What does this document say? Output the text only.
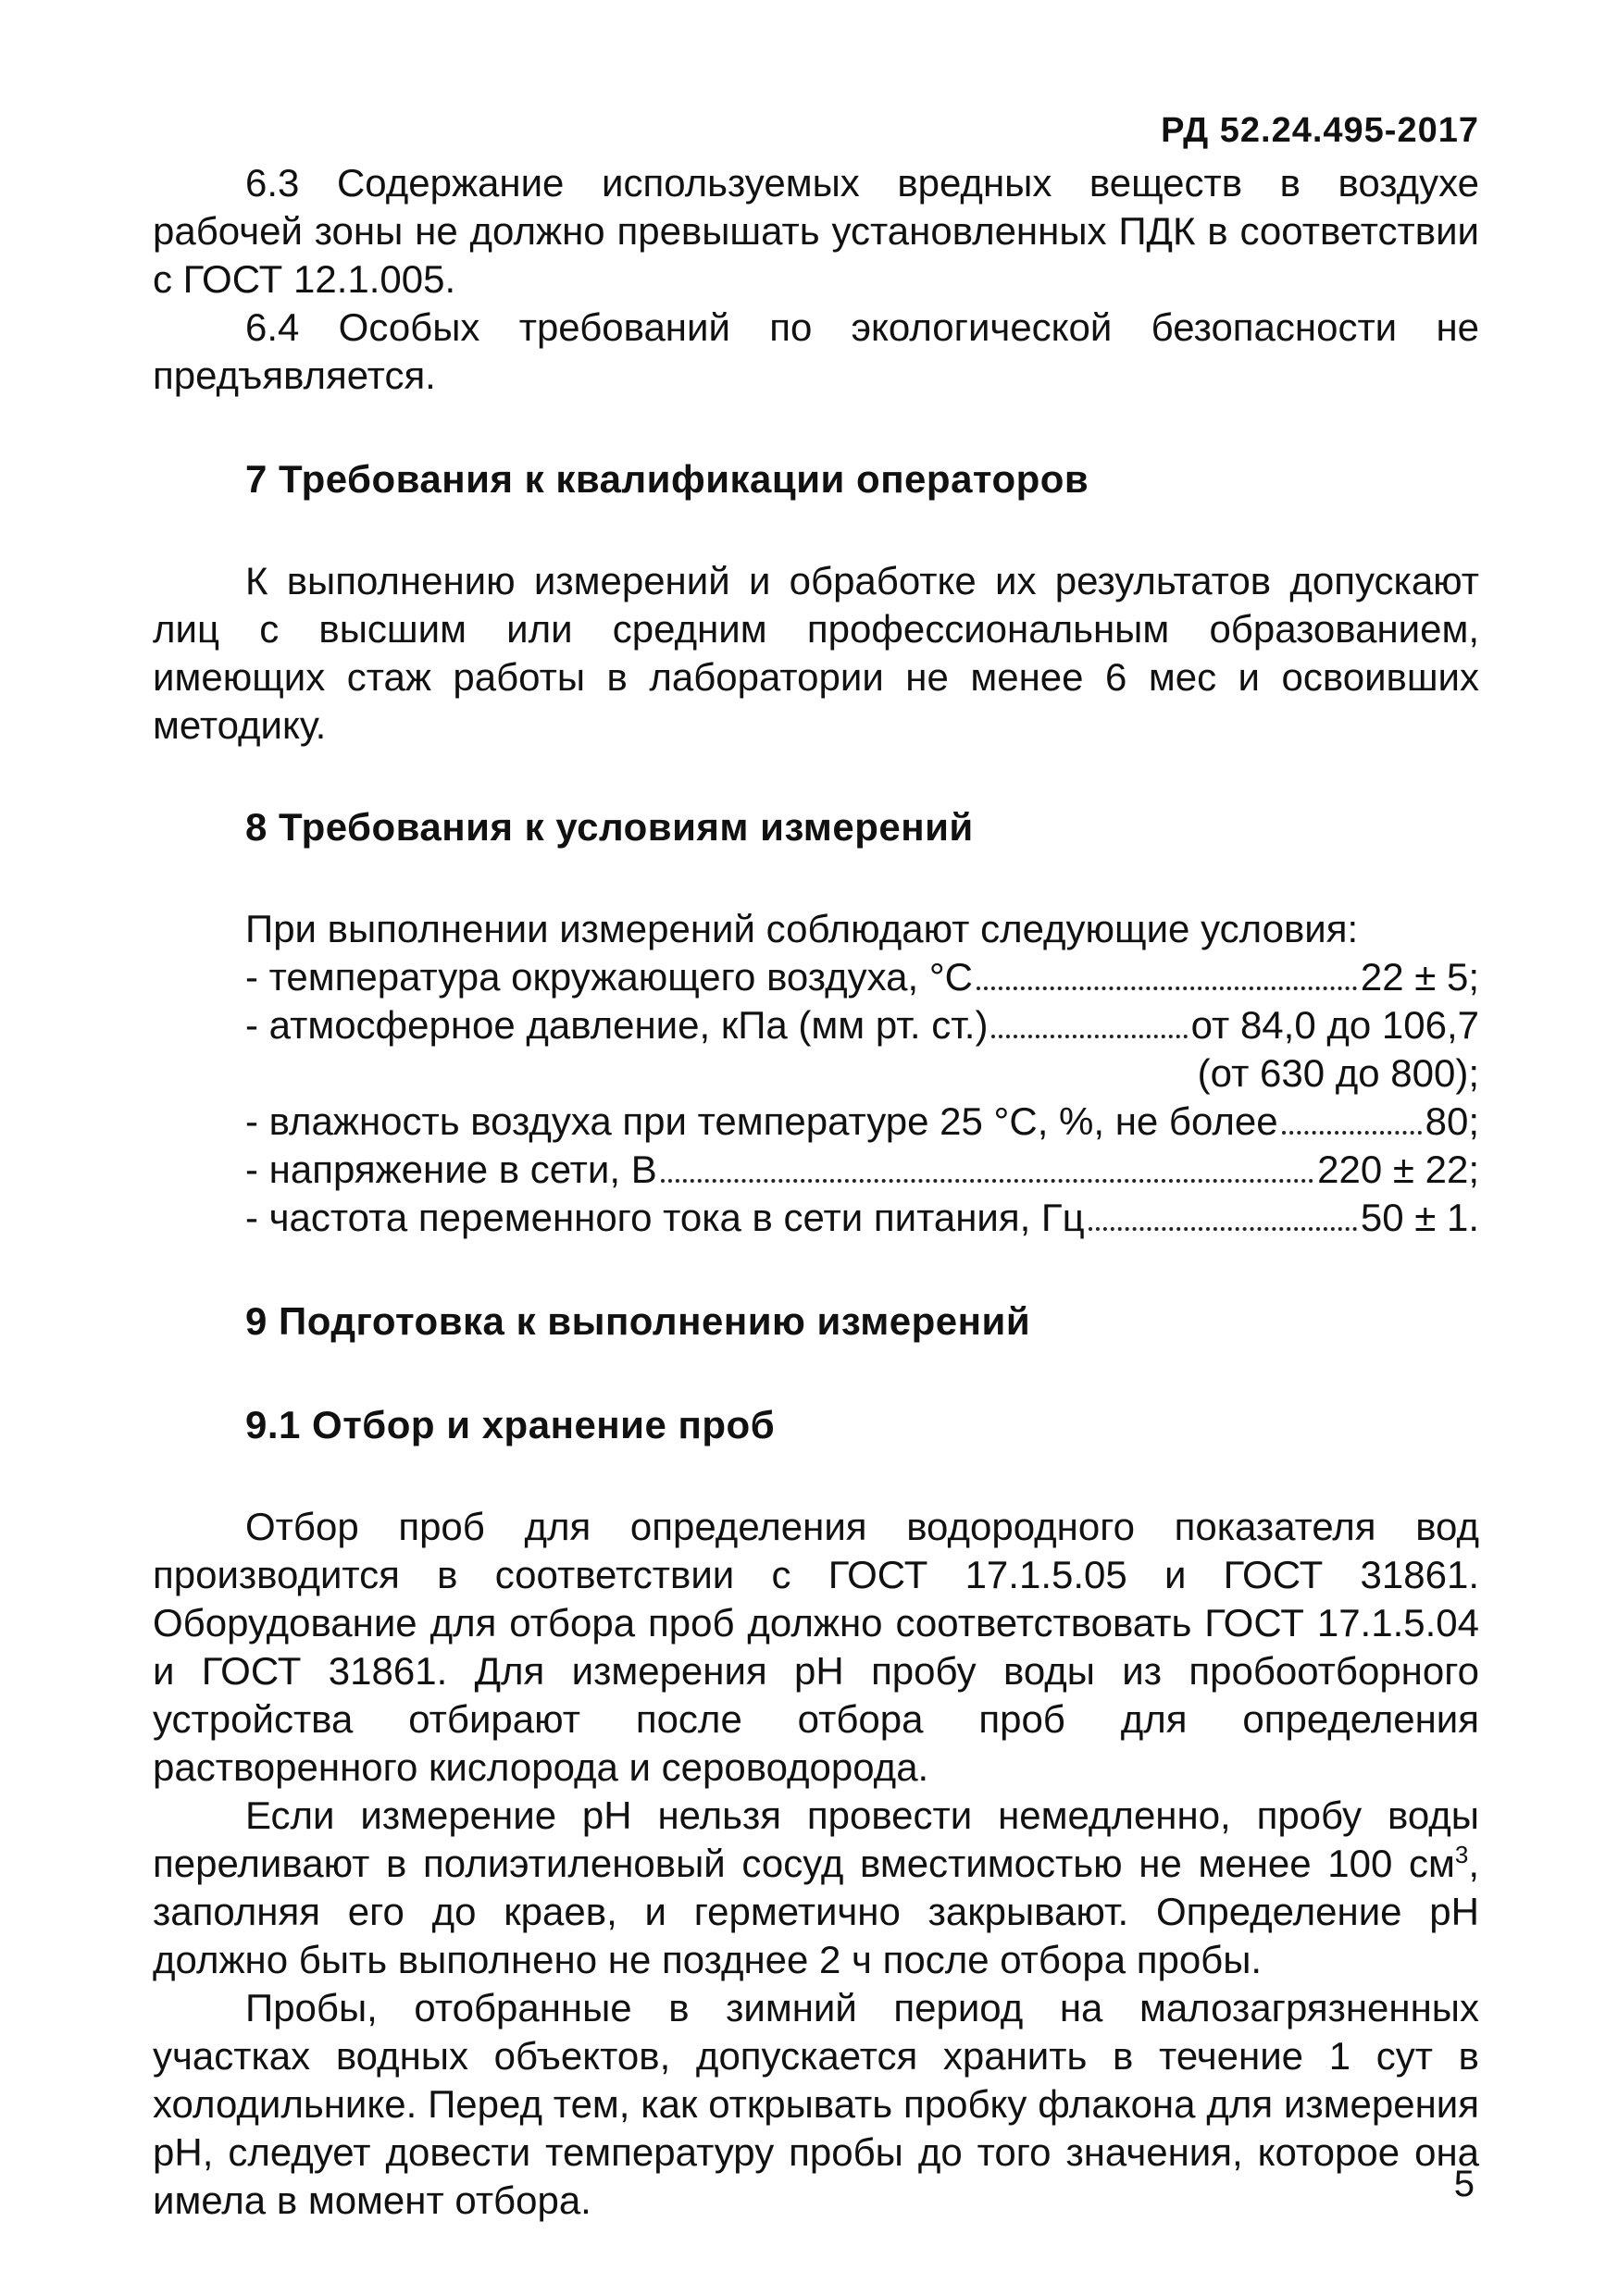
РД 52.24.495-2017

6.3 Содержание используемых вредных веществ в воздухе рабочей зоны не должно превышать установленных ПДК в соответствии с ГОСТ 12.1.005.

6.4 Особых требований по экологической безопасности не предъявляется.

7 Требования к квалификации операторов

К выполнению измерений и обработке их результатов допускают лиц с высшим или средним профессиональным образованием, имеющих стаж работы в лаборатории не менее 6 мес и освоивших методику.

8 Требования к условиям измерений
При выполнении измерений соблюдают следующие условия:
- температура окружающего воздуха, °С	22 ± 5;
- атмосферное давление, кПа (мм рт. ст.)	от 84,0 до 106,7
(от 630 до 800);
- влажность воздуха при температуре 25 °С, %, не более	80;
- напряжение в сети, В	220 ± 22;
- частота переменного тока в сети питания, Гц	50 ± 1.
9 Подготовка к выполнению измерений
9.1 Отбор и хранение проб

Отбор проб для определения водородного показателя вод производится в соответствии с ГОСТ 17.1.5.05 и ГОСТ 31861. Оборудование для отбора проб должно соответствовать ГОСТ 17.1.5.04 и ГОСТ 31861. Для измерения рН пробу воды из пробоотборного устройства отбирают после отбора проб для определения растворенного кислорода и сероводорода.

Если измерение рН нельзя провести немедленно, пробу воды переливают в полиэтиленовый сосуд вместимостью не менее 100 $см^3$, заполняя его до краев, и герметично закрывают. Определение рН должно быть выполнено не позднее 2 ч после отбора пробы.

Пробы, отобранные в зимний период на малозагрязненных участках водных объектов, допускается хранить в течение 1 сут в холодильнике. Перед тем, как открывать пробку флакона для измерения рН, следует довести температуру пробы до того значения, которое она имела в момент отбора.	5
